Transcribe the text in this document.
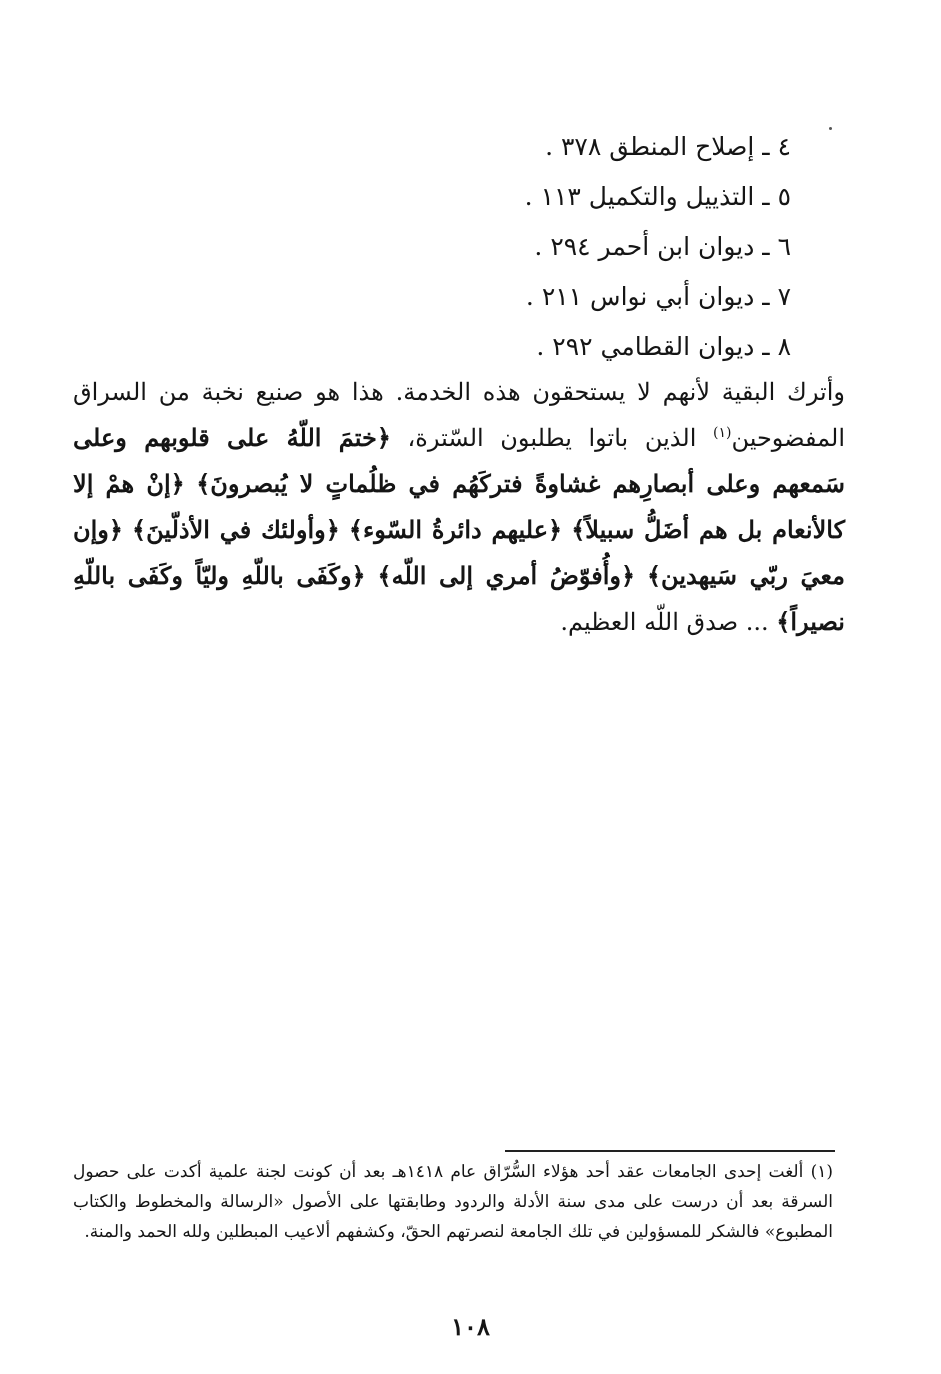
٤ ـ إصلاح المنطق ٣٧٨ .
٥ ـ التذييل والتكميل ١١٣ .
٦ ـ ديوان ابن أحمر ٢٩٤ .
٧ ـ ديوان أبي نواس ٢١١ .
٨ ـ ديوان القطامي ٢٩٢ .

وأترك البقية لأنهم لا يستحقون هذه الخدمة. هذا هو صنيع نخبة من السراق المفضوحين$^{(١)}$ الذين باتوا يطلبون السّترة، ﴿ختمَ اللّهُ على قلوبهم وعلى سَمعهم وعلى أبصارِهم غشاوةً فتركَهُم في ظلُماتٍ لا يُبصرونَ﴾ ﴿إنْ همْ إلا كالأنعام بل هم أضَلُّ سبيلاً﴾ ﴿عليهم دائرةُ السّوء﴾ ﴿وأولئك في الأذلّينَ﴾ ﴿وإن معيَ ربّي سَيهدين﴾ ﴿وأُفوّضُ أمري إلى اللّه﴾ ﴿وكَفَى باللّهِ وليّاً وكَفَى باللّهِ نصيراً﴾ ... صدق اللّه العظيم.

(١) ألغت إحدى الجامعات عقد أحد هؤلاء السُّرّاق عام ١٤١٨هـ بعد أن كونت لجنة علمية أكدت على حصول السرقة بعد أن درست على مدى سنة الأدلة والردود وطابقتها على الأصول «الرسالة والمخطوط والكتاب المطبوع» فالشكر للمسؤولين في تلك الجامعة لنصرتهم الحقّ، وكشفهم ألاعيب المبطلين ولله الحمد والمنة.

١٠٨
